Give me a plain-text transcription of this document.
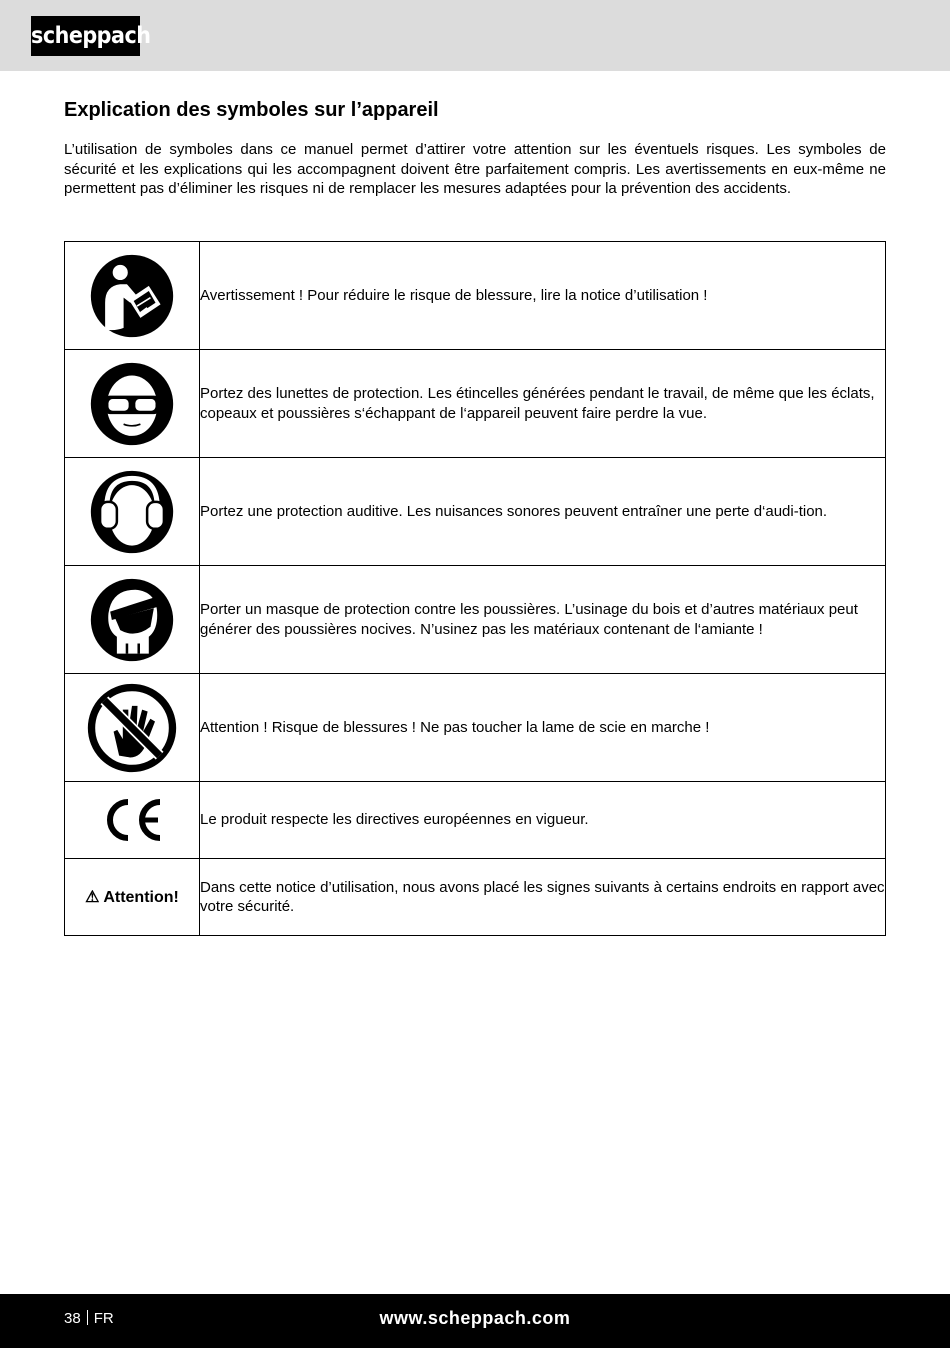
scheppach
Explication des symboles sur l’appareil

L’utilisation de symboles dans ce manuel permet d’attirer votre attention sur les éventuels risques. Les symboles de sécurité et les explications qui les accompagnent doivent être parfaitement compris. Les avertissements en eux-même ne permettent pas d’éliminer les risques ni de remplacer les mesures adaptées pour la prévention des accidents.

	Avertissement ! Pour réduire le risque de blessure, lire la notice d’utilisation !

	Portez des lunettes de protection. Les étincelles générées pendant le travail, de même que les éclats, copeaux et poussières s‘échappant de l‘appareil peuvent faire perdre la vue.

	Portez une protection auditive. Les nuisances sonores peuvent entraîner une perte d‘audi-tion.

	Porter un masque de protection contre les poussières. L’usinage du bois et d’autres matériaux peut générer des poussières nocives. N’usinez pas les matériaux contenant de l‘amiante !

	Attention ! Risque de blessures ! Ne pas toucher la lame de scie en marche !

	Le produit respecte les directives européennes en vigueur.
⚠ Attention!	Dans cette notice d’utilisation, nous avons placé les signes suivants à certains endroits en rapport avec votre sécurité.
38 FR	www.scheppach.com
